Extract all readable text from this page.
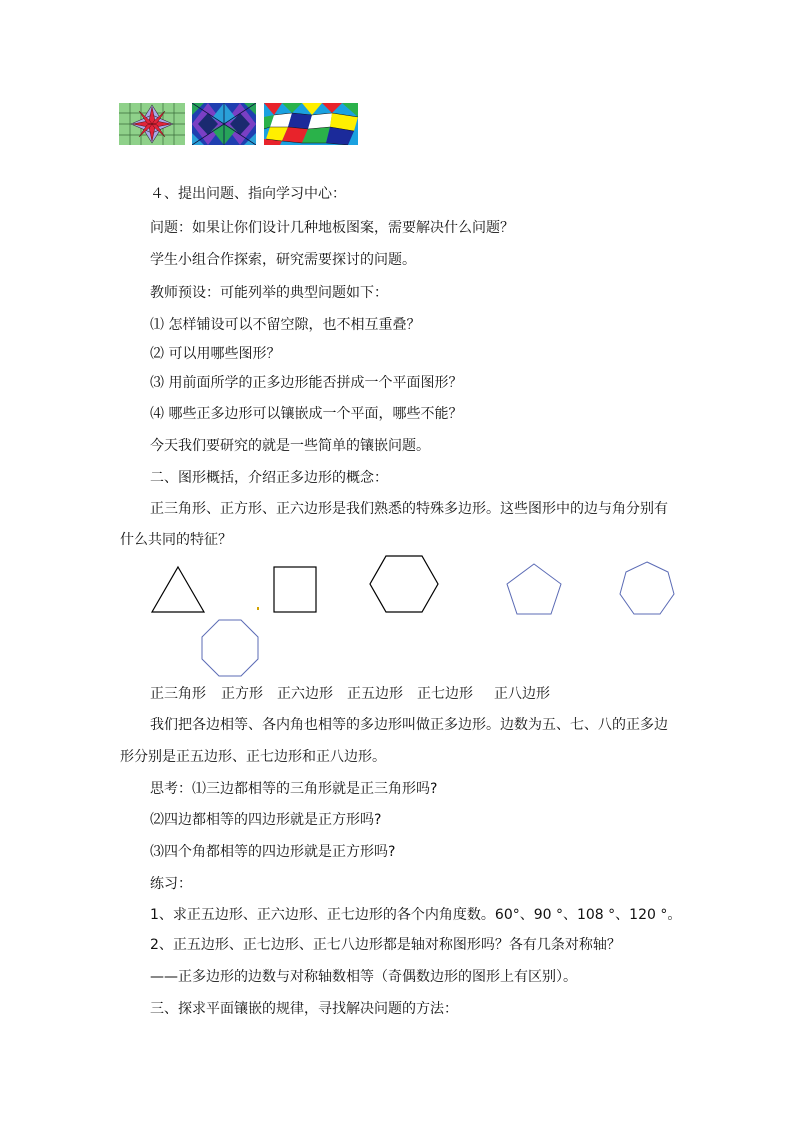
４、提出问题、指向学习中心：
问题：如果让你们设计几种地板图案，需要解决什么问题？
学生小组合作探索，研究需要探讨的问题。
教师预设：可能列举的典型问题如下：
⑴ 怎样铺设可以不留空隙，也不相互重叠？
⑵ 可以用哪些图形？
⑶ 用前面所学的正多边形能否拼成一个平面图形？
⑷ 哪些正多边形可以镶嵌成一个平面，哪些不能？
今天我们要研究的就是一些简单的镶嵌问题。
二、图形概括，介绍正多边形的概念：
正三角形、正方形、正六边形是我们熟悉的特殊多边形。这些图形中的边与角分别有
什么共同的特征？
正三角形 正方形 正六边形 正五边形 正七边形 正八边形
我们把各边相等、各内角也相等的多边形叫做正多边形。边数为五、七、八的正多边
形分别是正五边形、正七边形和正八边形。
思考：⑴三边都相等的三角形就是正三角形吗?
⑵四边都相等的四边形就是正方形吗?
⑶四个角都相等的四边形就是正方形吗?
练习：
1、求正五边形、正六边形、正七边形的各个内角度数。60°、90 °、108 °、120 °。
2、正五边形、正七边形、正七八边形都是轴对称图形吗？各有几条对称轴？
——正多边形的边数与对称轴数相等（奇偶数边形的图形上有区别）。
三、探求平面镶嵌的规律，寻找解决问题的方法：
